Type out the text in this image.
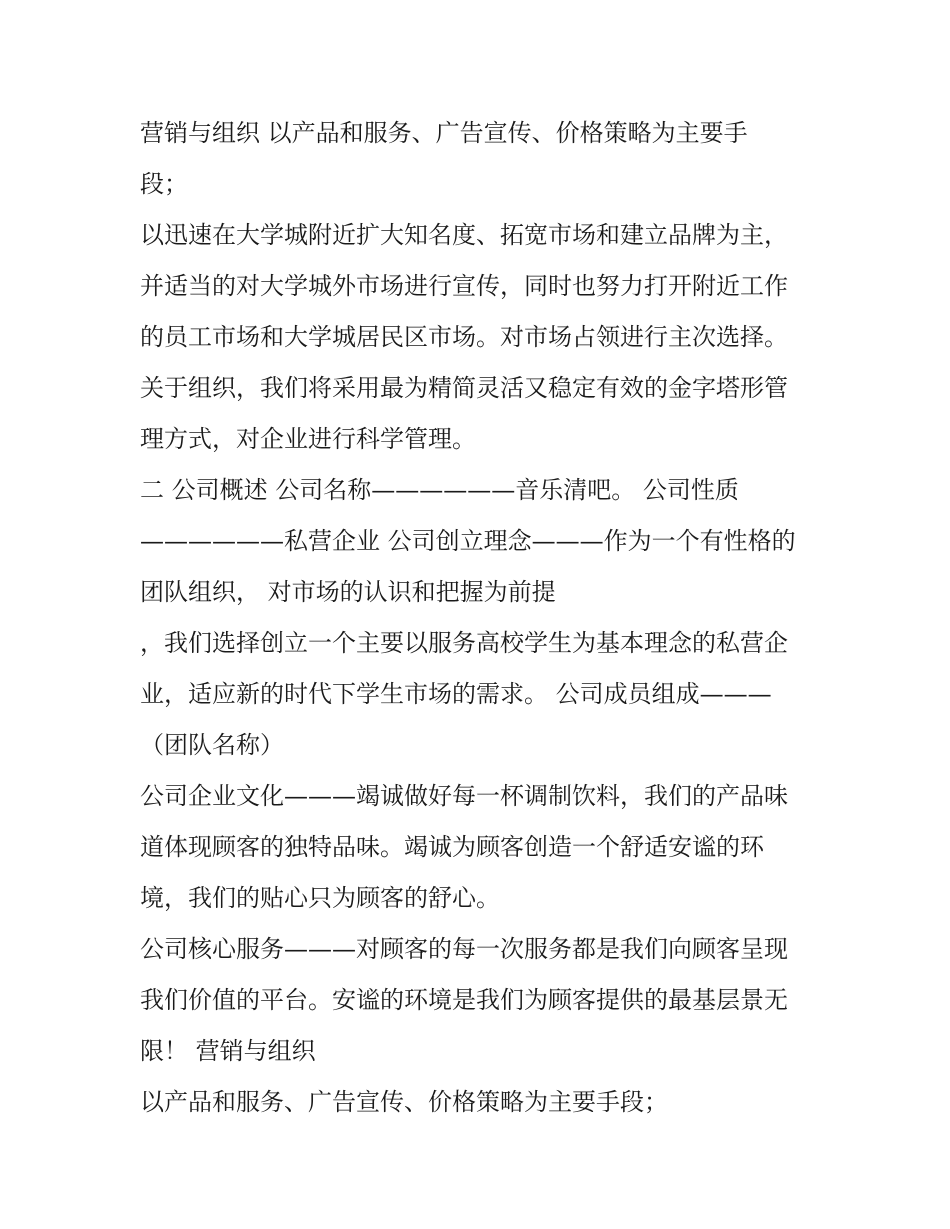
营销与组织 以产品和服务、广告宣传、价格策略为主要手
段；
以迅速在大学城附近扩大知名度、拓宽市场和建立品牌为主，
并适当的对大学城外市场进行宣传，同时也努力打开附近工作
的员工市场和大学城居民区市场。对市场占领进行主次选择。
关于组织，我们将采用最为精简灵活又稳定有效的金字塔形管
理方式，对企业进行科学管理。
二 公司概述 公司名称——————音乐清吧。 公司性质
——————私营企业 公司创立理念———作为一个有性格的
团队组织， 对市场的认识和把握为前提
，我们选择创立一个主要以服务高校学生为基本理念的私营企
业，适应新的时代下学生市场的需求。 公司成员组成———
（团队名称）
公司企业文化———竭诚做好每一杯调制饮料，我们的产品味
道体现顾客的独特品味。竭诚为顾客创造一个舒适安谧的环
境，我们的贴心只为顾客的舒心。
公司核心服务———对顾客的每一次服务都是我们向顾客呈现
我们价值的平台。安谧的环境是我们为顾客提供的最基层景无
限！ 营销与组织
以产品和服务、广告宣传、价格策略为主要手段；
